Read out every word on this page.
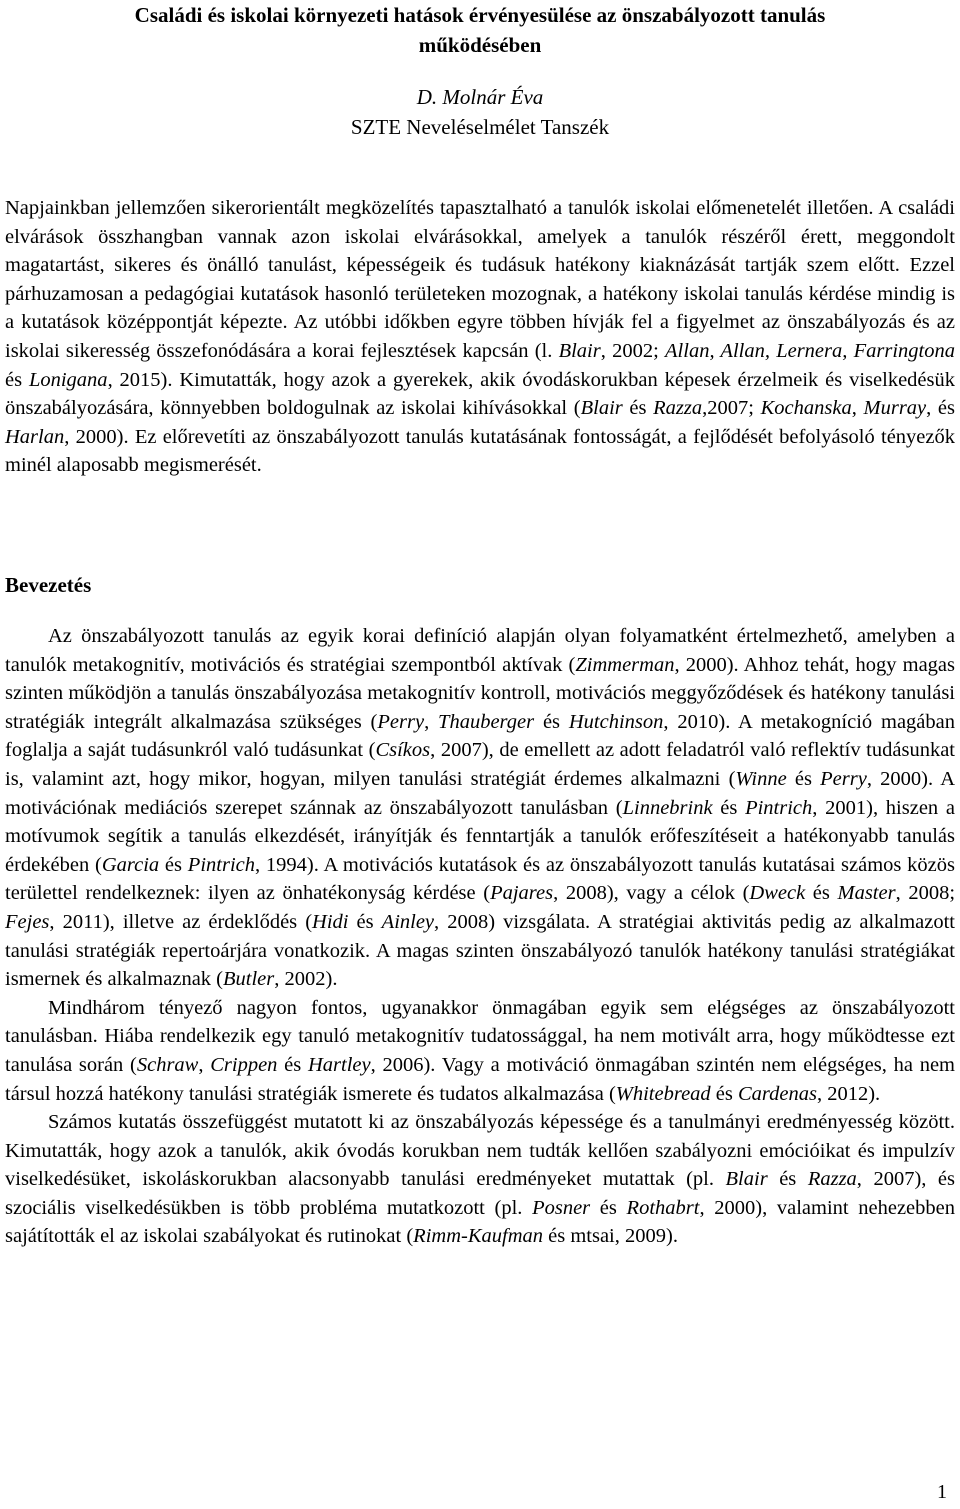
Családi és iskolai környezeti hatások érvényesülése az önszabályozott tanulás
működésében
D. Molnár Éva
SZTE Neveléselmélet Tanszék

Napjainkban jellemzően sikerorientált megközelítés tapasztalható a tanulók iskolai előmenetelét illetően. A családi elvárások összhangban vannak azon iskolai elvárásokkal, amelyek a tanulók részéről érett, meggondolt magatartást, sikeres és önálló tanulást, képességeik és tudásuk hatékony kiaknázását tartják szem előtt. Ezzel párhuzamosan a pedagógiai kutatások hasonló területeken mozognak, a hatékony iskolai tanulás kérdése mindig is a kutatások középpontját képezte. Az utóbbi időkben egyre többen hívják fel a figyelmet az önszabályozás és az iskolai sikeresség összefonódására a korai fejlesztések kapcsán (l. Blair, 2002; Allan, Allan, Lernera, Farringtona és Lonigana, 2015). Kimutatták, hogy azok a gyerekek, akik óvodáskorukban képesek érzelmeik és viselkedésük önszabályozására, könnyebben boldogulnak az iskolai kihívásokkal (Blair és Razza,2007; Kochanska, Murray, és Harlan, 2000). Ez előrevetíti az önszabályozott tanulás kutatásának fontosságát, a fejlődését befolyásoló tényezők minél alaposabb megismerését.

Bevezetés

Az önszabályozott tanulás az egyik korai definíció alapján olyan folyamatként értelmezhető, amelyben a tanulók metakognitív, motivációs és stratégiai szempontból aktívak (Zimmerman, 2000). Ahhoz tehát, hogy magas szinten működjön a tanulás önszabályozása metakognitív kontroll, motivációs meggyőződések és hatékony tanulási stratégiák integrált alkalmazása szükséges (Perry, Thauberger és Hutchinson, 2010). A metakogníció magában foglalja a saját tudásunkról való tudásunkat (Csíkos, 2007), de emellett az adott feladatról való reflektív tudásunkat is, valamint azt, hogy mikor, hogyan, milyen tanulási stratégiát érdemes alkalmazni (Winne és Perry, 2000). A motivációnak mediációs szerepet szánnak az önszabályozott tanulásban (Linnebrink és Pintrich, 2001), hiszen a motívumok segítik a tanulás elkezdését, irányítják és fenntartják a tanulók erőfeszítéseit a hatékonyabb tanulás érdekében (Garcia és Pintrich, 1994). A motivációs kutatások és az önszabályozott tanulás kutatásai számos közös területtel rendelkeznek: ilyen az önhatékonyság kérdése (Pajares, 2008), vagy a célok (Dweck és Master, 2008; Fejes, 2011), illetve az érdeklődés (Hidi és Ainley, 2008) vizsgálata. A stratégiai aktivitás pedig az alkalmazott tanulási stratégiák repertoárjára vonatkozik. A magas szinten önszabályozó tanulók hatékony tanulási stratégiákat ismernek és alkalmaznak (Butler, 2002).

Mindhárom tényező nagyon fontos, ugyanakkor önmagában egyik sem elégséges az önszabályozott tanulásban. Hiába rendelkezik egy tanuló metakognitív tudatossággal, ha nem motivált arra, hogy működtesse ezt tanulása során (Schraw, Crippen és Hartley, 2006). Vagy a motiváció önmagában szintén nem elégséges, ha nem társul hozzá hatékony tanulási stratégiák ismerete és tudatos alkalmazása (Whitebread és Cardenas, 2012).

Számos kutatás összefüggést mutatott ki az önszabályozás képessége és a tanulmányi eredményesség között. Kimutatták, hogy azok a tanulók, akik óvodás korukban nem tudták kellően szabályozni emócióikat és impulzív viselkedésüket, iskoláskorukban alacsonyabb tanulási eredményeket mutattak (pl. Blair és Razza, 2007), és szociális viselkedésükben is több probléma mutatkozott (pl. Posner és Rothabrt, 2000), valamint nehezebben sajátították el az iskolai szabályokat és rutinokat (Rimm-Kaufman és mtsai, 2009).

1
